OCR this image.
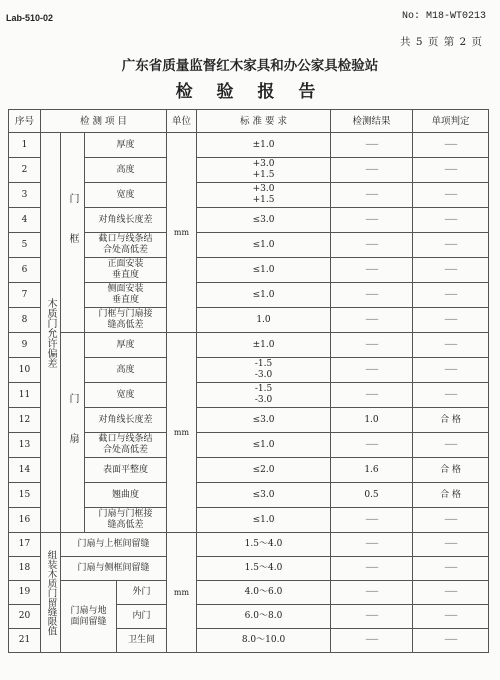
Lab-510-02	No: M18-WT0213
共 5 页 第 2 页
广东省质量监督红木家具和办公家具检验站
检 验 报 告
序号	检 测 项 目				单位	标 准 要 求	检测结果	单项判定
1	木质门允许偏差	门框	厚度		mm	±1.0	------	------
2			高度			+3.0
+1.5	------	------
3			宽度			+3.0
+1.5	------	------
4			对角线长度差			≤3.0	------	------
5			截口与线条结
合处高低差			≤1.0	------	------
6			正面安装
垂直度			≤1.0	------	------
7			侧面安装
垂直度			≤1.0	------	------
8			门框与门扇接
缝高低差			1.0	------	------
9		门扇	厚度		mm	±1.0	------	------
10			高度			-1.5
-3.0	------	------
11			宽度			-1.5
-3.0	------	------
12			对角线长度差			≤3.0	1.0	合 格
13			截口与线条结
合处高低差			≤1.0	------	------
14			表面平整度			≤2.0	1.6	合 格
15			翘曲度			≤3.0	0.5	合 格
16			门扇与门框接
缝高低差			≤1.0	------	------
17	组装木质门留缝限值	门扇与上框间留缝			mm	1.5～4.0	------	------
18		门扇与侧框间留缝				1.5～4.0	------	------
19		门扇与地面间留缝		外门		4.0～6.0	------	------
20				内门		6.0～8.0	------	------
21				卫生间		8.0～10.0	------	------
